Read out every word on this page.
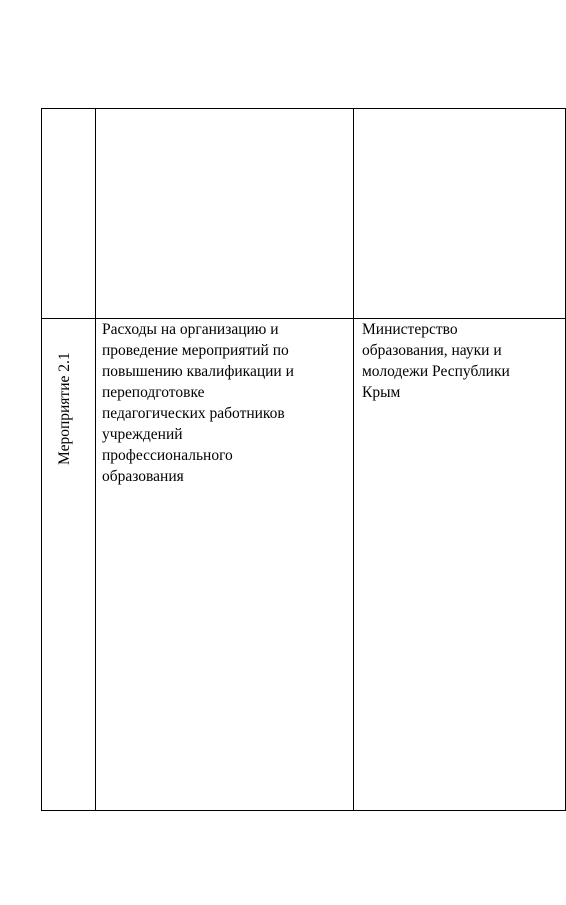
Мероприятие 2.1
Расходы на организацию и
проведение мероприятий по
повышению квалификации и
переподготовке
педагогических работников
учреждений
профессионального
образования
Министерство
образования, науки и
молодежи Республики
Крым
